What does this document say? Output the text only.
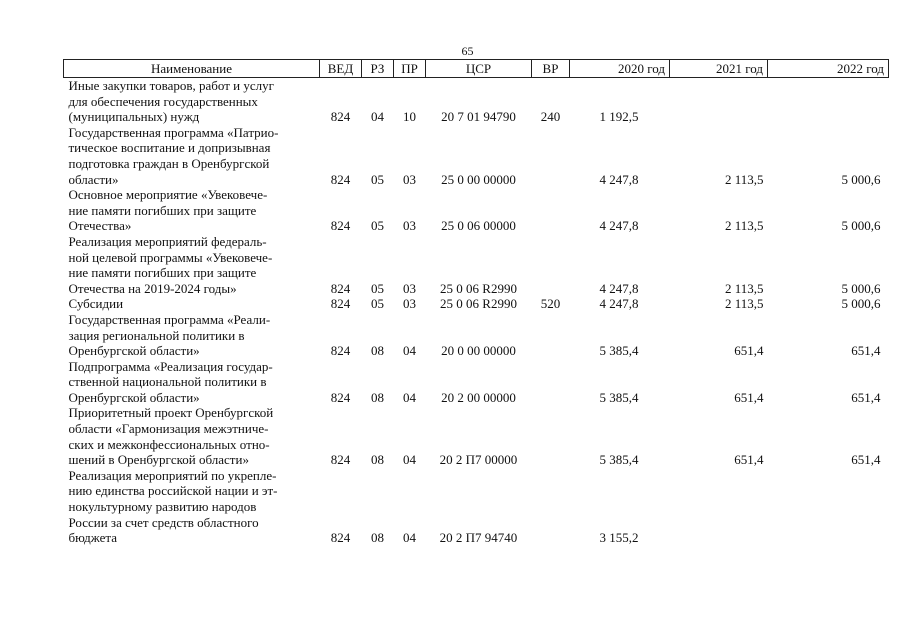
65
Наименование	ВЕД	РЗ	ПР	ЦСР	ВР	2020 год	2021 год	2022 год

Иные закупки товаров, работ и услуг
для обеспечения государственных
(муниципальных) нужд	824	04	10	20 7 01 94790	240	1 192,5		

Государственная программа «Патрио-
тическое воспитание и допризывная
подготовка граждан в Оренбургской
области»	824	05	03	25 0 00 00000		4 247,8	2 113,5	5 000,6

Основное мероприятие «Увековече-
ние памяти погибших при защите
Отечества»	824	05	03	25 0 06 00000		4 247,8	2 113,5	5 000,6

Реализация мероприятий федераль-
ной целевой программы «Увековече-
ние памяти погибших при защите
Отечества на 2019-2024 годы»	824	05	03	25 0 06 R2990		4 247,8	2 113,5	5 000,6

Субсидии	824	05	03	25 0 06 R2990	520	4 247,8	2 113,5	5 000,6

Государственная программа «Реали-
зация региональной политики в
Оренбургской области»	824	08	04	20 0 00 00000		5 385,4	651,4	651,4

Подпрограмма «Реализация государ-
ственной национальной политики в
Оренбургской области»	824	08	04	20 2 00 00000		5 385,4	651,4	651,4

Приоритетный проект Оренбургской
области «Гармонизация межэтниче-
ских и межконфессиональных отно-
шений в Оренбургской области»	824	08	04	20 2 П7 00000		5 385,4	651,4	651,4

Реализация мероприятий по укрепле-
нию единства российской нации и эт-
нокультурному развитию народов
России за счет средств областного
бюджета	824	08	04	20 2 П7 94740		3 155,2		
